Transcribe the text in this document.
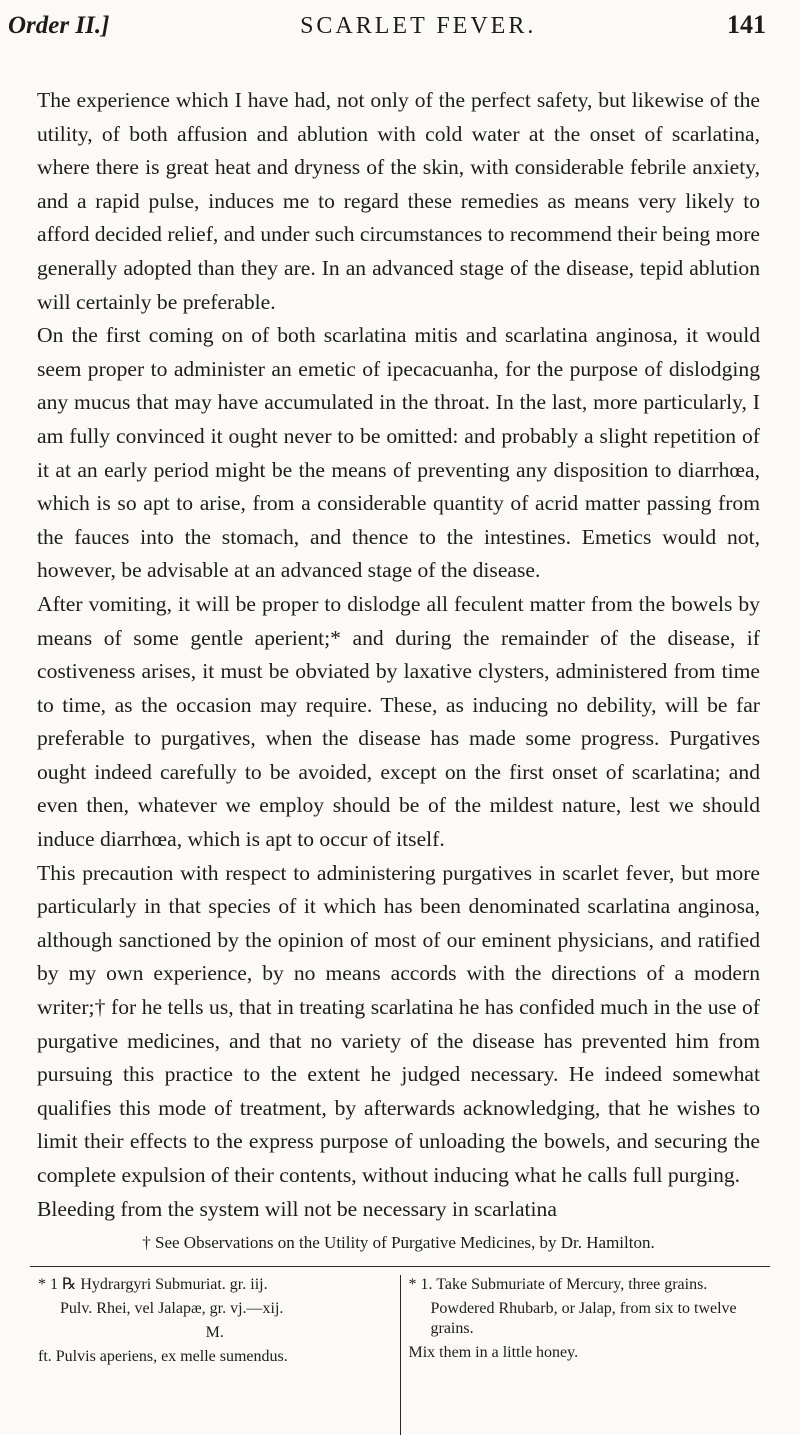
Order II.]	SCARLET FEVER.	141

The experience which I have had, not only of the perfect safety, but likewise of the utility, of both affusion and ablution with cold water at the onset of scarlatina, where there is great heat and dryness of the skin, with considerable febrile anxiety, and a rapid pulse, induces me to regard these remedies as means very likely to afford decided relief, and under such circumstances to recommend their being more generally adopted than they are. In an advanced stage of the disease, tepid ablution will certainly be preferable.

On the first coming on of both scarlatina mitis and scarlatina anginosa, it would seem proper to administer an emetic of ipecacuanha, for the purpose of dislodging any mucus that may have accumulated in the throat. In the last, more particularly, I am fully convinced it ought never to be omitted: and probably a slight repetition of it at an early period might be the means of preventing any disposition to diarrhœa, which is so apt to arise, from a considerable quantity of acrid matter passing from the fauces into the stomach, and thence to the intestines. Emetics would not, however, be advisable at an advanced stage of the disease.

After vomiting, it will be proper to dislodge all feculent matter from the bowels by means of some gentle aperient;* and during the remainder of the disease, if costiveness arises, it must be obviated by laxative clysters, administered from time to time, as the occasion may require. These, as inducing no debility, will be far preferable to purgatives, when the disease has made some progress. Purgatives ought indeed carefully to be avoided, except on the first onset of scarlatina; and even then, whatever we employ should be of the mildest nature, lest we should induce diarrhœa, which is apt to occur of itself.

This precaution with respect to administering purgatives in scarlet fever, but more particularly in that species of it which has been denominated scarlatina anginosa, although sanctioned by the opinion of most of our eminent physicians, and ratified by my own experience, by no means accords with the directions of a modern writer;† for he tells us, that in treating scarlatina he has confided much in the use of purgative medicines, and that no variety of the disease has prevented him from pursuing this practice to the extent he judged necessary. He indeed somewhat qualifies this mode of treatment, by afterwards acknowledging, that he wishes to limit their effects to the express purpose of unloading the bowels, and securing the complete expulsion of their contents, without inducing what he calls full purging.

Bleeding from the system will not be necessary in scarlatina

† See Observations on the Utility of Purgative Medicines, by Dr. Hamilton.
* 1 ℞ Hydrargyri Submuriat. gr. iij.
Pulv. Rhei, vel Jalapæ, gr. vj.—xij.
M.
ft. Pulvis aperiens, ex melle sumendus.
* 1. Take Submuriate of Mercury, three grains.
Powdered Rhubarb, or Jalap, from six to twelve grains.
Mix them in a little honey.
